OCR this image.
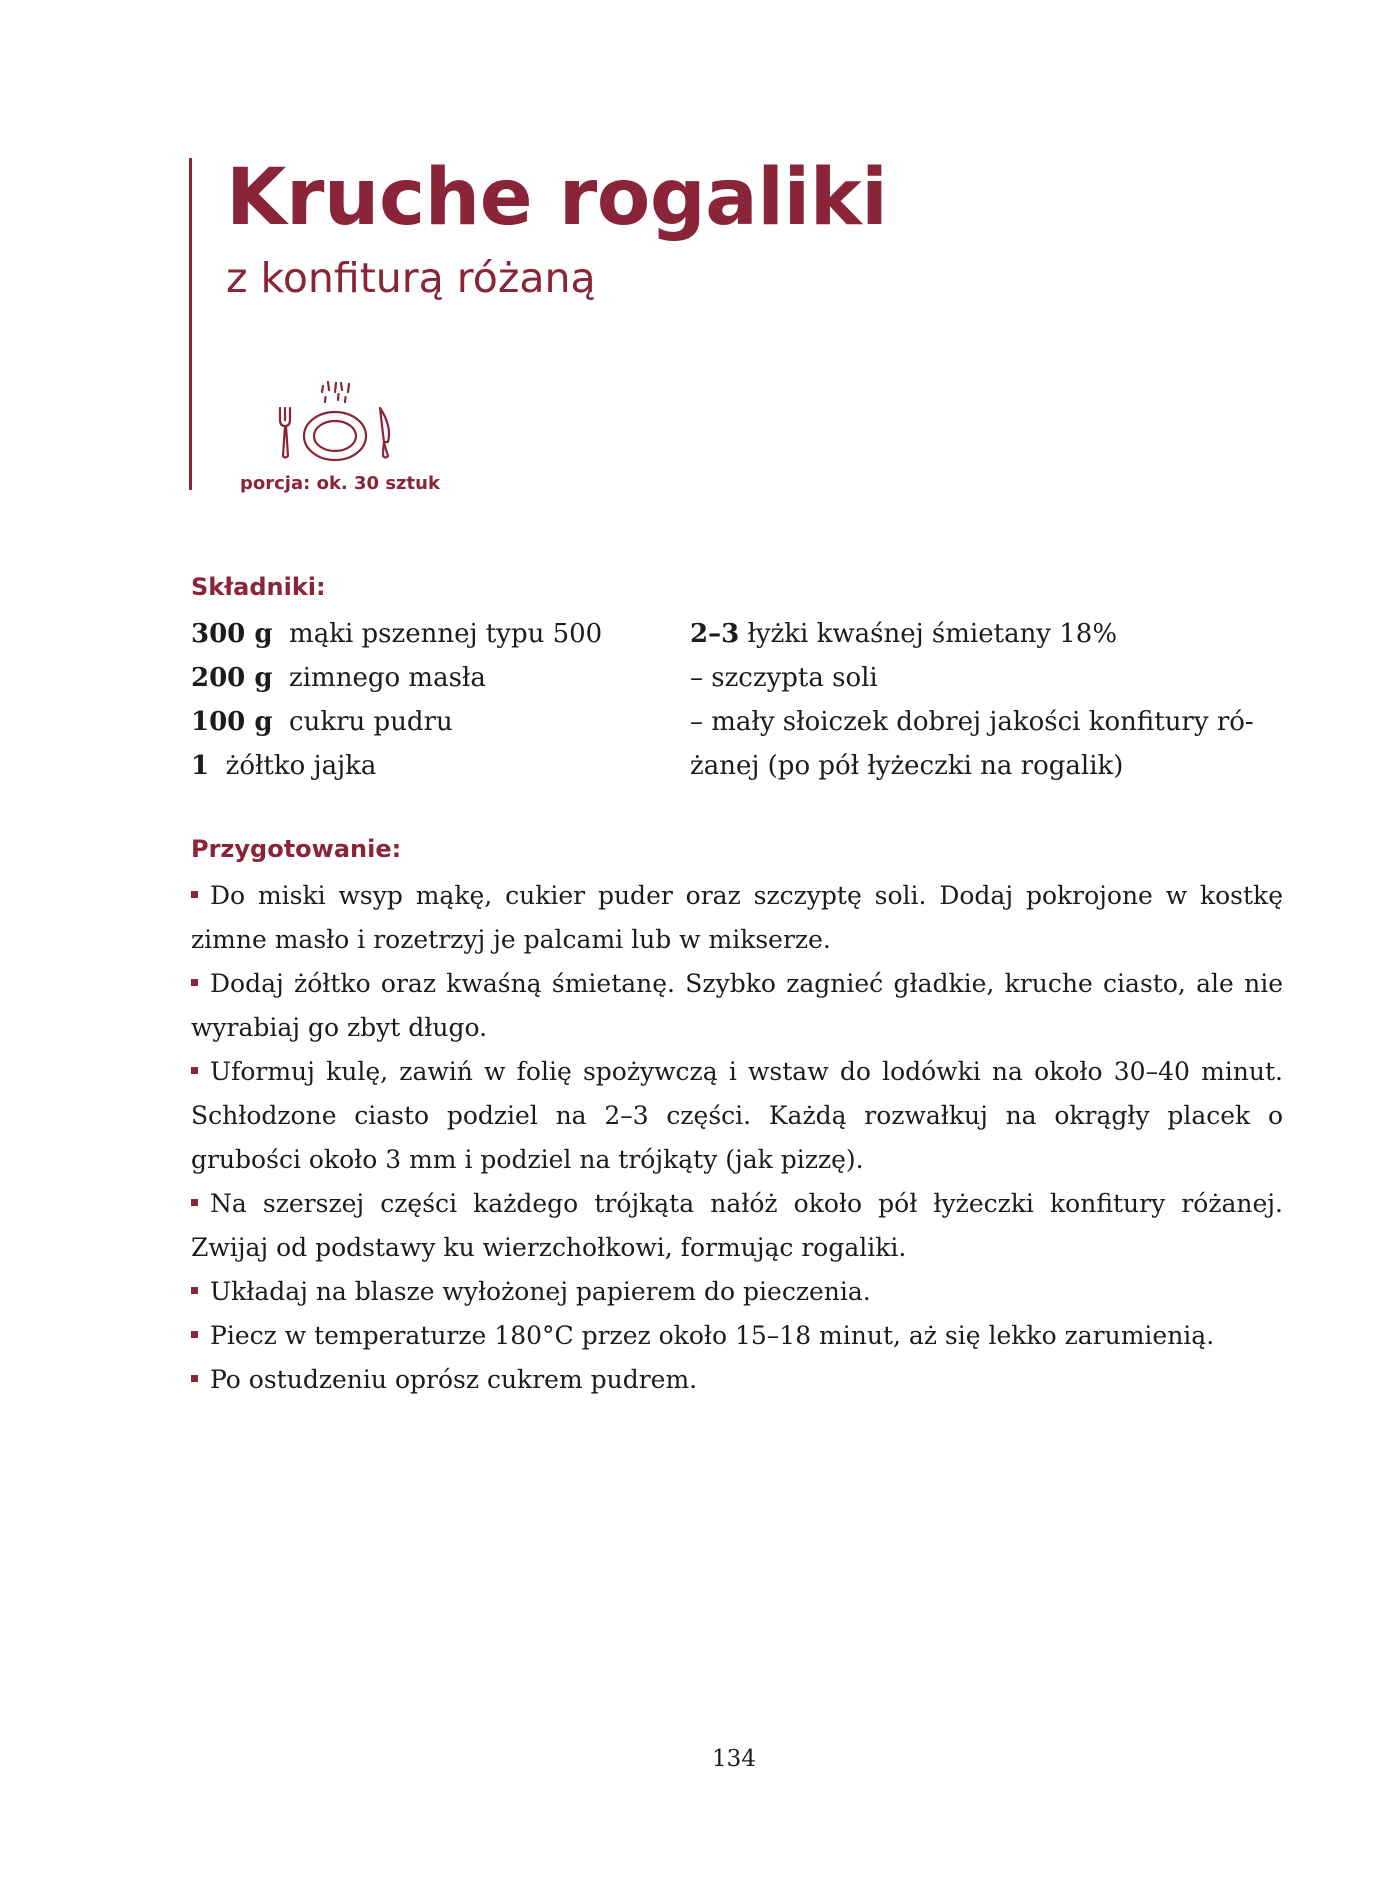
Kruche rogaliki
z konfiturą różaną
porcja: ok. 30 sztuk
Składniki:
300 g mąki pszennej typu 500
200 g zimnego masła
100 g cukru pudru
1 żółtko jajka
2–3 łyżki kwaśnej śmietany 18%
– szczypta soli
– mały słoiczek dobrej jakości konfitury ró-
żanej (po pół łyżeczki na rogalik)
Przygotowanie:
Do miski wsyp mąkę, cukier puder oraz szczyptę soli. Dodaj pokrojone w kostkę zimne masło i rozetrzyj je palcami lub w mikserze.
Dodaj żółtko oraz kwaśną śmietanę. Szybko zagnieć gładkie, kruche ciasto, ale nie wyrabiaj go zbyt długo.
Uformuj kulę, zawiń w folię spożywczą i wstaw do lodówki na około 30–40 minut. Schłodzone ciasto podziel na 2–3 części. Każdą rozwałkuj na okrągły placek o grubości około 3 mm i podziel na trójkąty (jak pizzę).
Na szerszej części każdego trójkąta nałóż około pół łyżeczki konfitury różanej. Zwijaj od podstawy ku wierzchołkowi, formując rogaliki.
Układaj na blasze wyłożonej papierem do pieczenia.
Piecz w temperaturze 180°C przez około 15–18 minut, aż się lekko zarumienią.
Po ostudzeniu oprósz cukrem pudrem.
134
